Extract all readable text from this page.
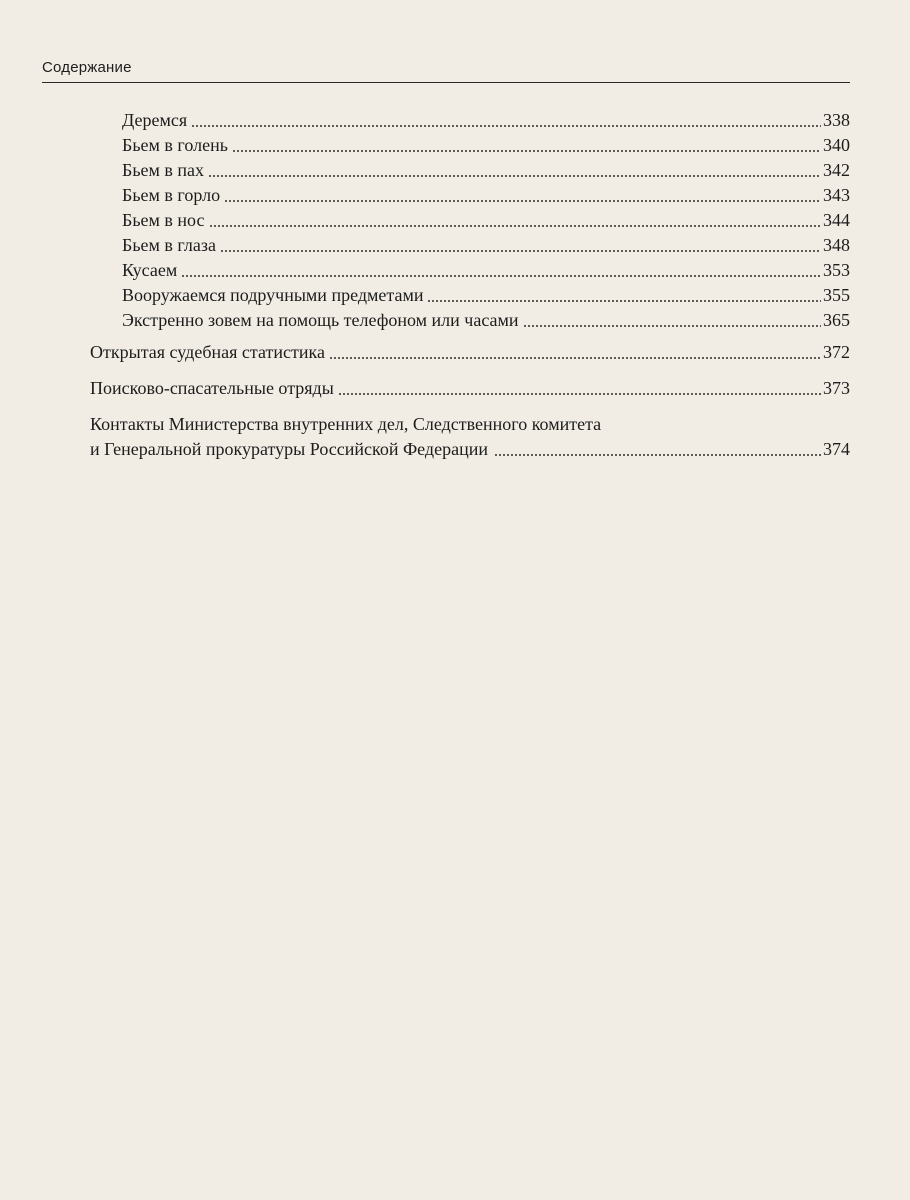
Содержание
Деремся	338
Бьем в голень	340
Бьем в пах	342
Бьем в горло	343
Бьем в нос	344
Бьем в глаза	348
Кусаем	353
Вооружаемся подручными предметами	355
Экстренно зовем на помощь телефоном или часами	365
Открытая судебная статистика	372
Поисково-спасательные отряды	373
Контакты Министерства внутренних дел, Следственного комитета
и Генеральной прокуратуры Российской Федерации	374
